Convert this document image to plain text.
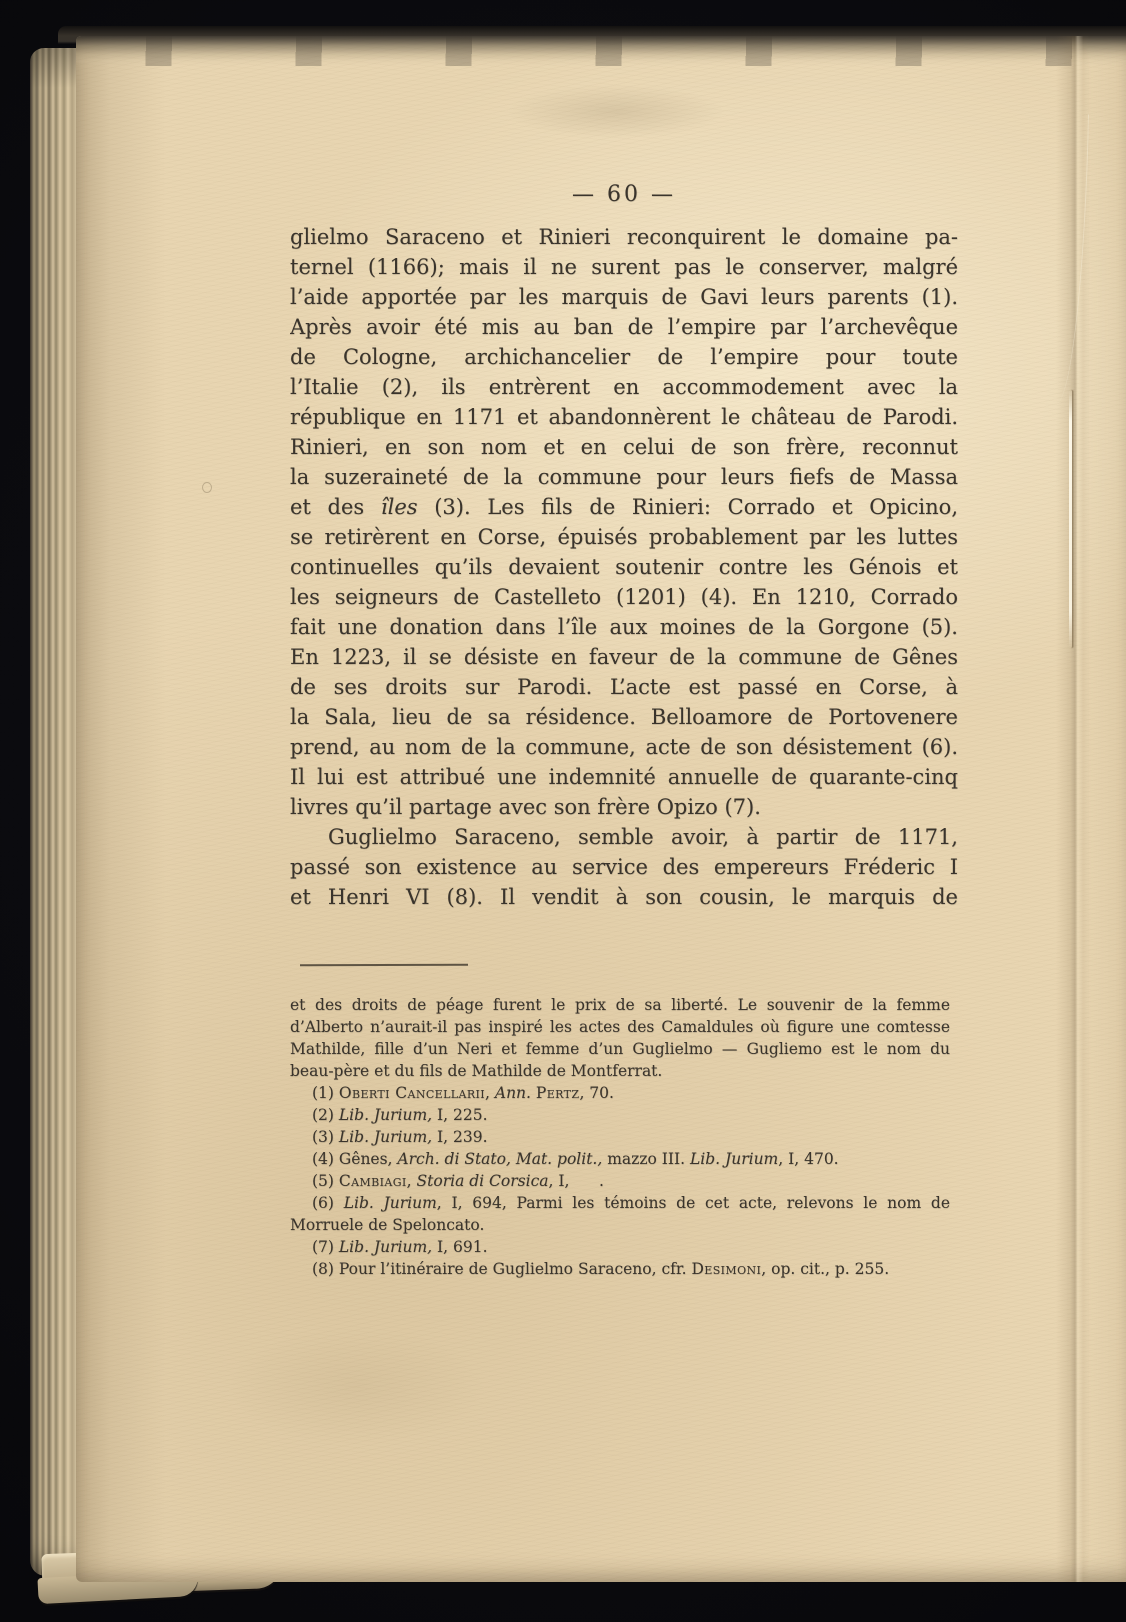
— 60 —
glielmo Saraceno et Rinieri reconquirent le domaine pa-
ternel (1166); mais il ne surent pas le conserver, malgré
l’aide apportée par les marquis de Gavi leurs parents (1).
Après avoir été mis au ban de l’empire par l’archevêque
de Cologne, archichancelier de l’empire pour toute
l’Italie (2), ils entrèrent en accommodement avec la
république en 1171 et abandonnèrent le château de Parodi.
Rinieri, en son nom et en celui de son frère, reconnut
la suzeraineté de la commune pour leurs fiefs de Massa
et des îles (3). Les fils de Rinieri: Corrado et Opicino,
se retirèrent en Corse, épuisés probablement par les luttes
continuelles qu’ils devaient soutenir contre les Génois et
les seigneurs de Castelleto (1201) (4). En 1210, Corrado
fait une donation dans l’île aux moines de la Gorgone (5).
En 1223, il se désiste en faveur de la commune de Gênes
de ses droits sur Parodi. L’acte est passé en Corse, à
la Sala, lieu de sa résidence. Belloamore de Portovenere
prend, au nom de la commune, acte de son désistement (6).
Il lui est attribué une indemnité annuelle de quarante-cinq
livres qu’il partage avec son frère Opizo (7).
Guglielmo Saraceno, semble avoir, à partir de 1171,
passé son existence au service des empereurs Fréderic I
et Henri VI (8). Il vendit à son cousin, le marquis de
et des droits de péage furent le prix de sa liberté. Le souvenir de la femme
d’Alberto n’aurait-il pas inspiré les actes des Camaldules où figure une comtesse
Mathilde, fille d’un Neri et femme d’un Guglielmo — Gugliemo est le nom du
beau-père et du fils de Mathilde de Montferrat.
(1) Oberti Cancellarii, Ann. Pertz, 70.
(2) Lib. Jurium, I, 225.
(3) Lib. Jurium, I, 239.
(4) Gênes, Arch. di Stato, Mat. polit., mazzo III. Lib. Jurium, I, 470.
(5) Cambiagi, Storia di Corsica, I,      .
(6) Lib. Jurium, I, 694, Parmi les témoins de cet acte, relevons le nom de
Morruele de Speloncato.
(7) Lib. Jurium, I, 691.
(8) Pour l’itinéraire de Guglielmo Saraceno, cfr. Desimoni, op. cit., p. 255.
